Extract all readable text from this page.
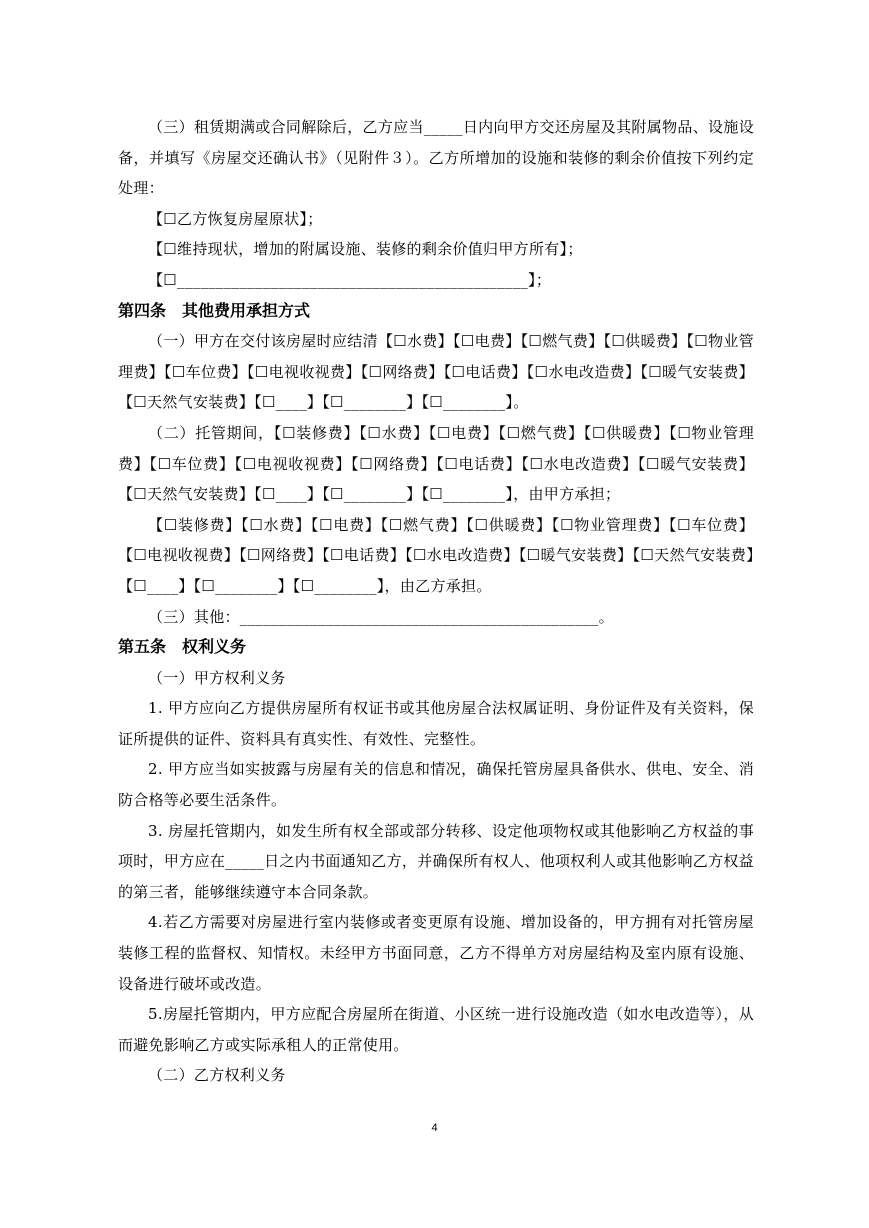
（三）租赁期满或合同解除后，乙方应当_____日内向甲方交还房屋及其附属物品、设施设备，并填写《房屋交还确认书》（见附件３）。乙方所增加的设施和装修的剩余价值按下列约定处理：

【☐乙方恢复房屋原状】；

【☐维持现状，增加的附属设施、装修的剩余价值归甲方所有】；

【☐_____________________________________________】；

第四条 其他费用承担方式

（一）甲方在交付该房屋时应结清【☐水费】【☐电费】【☐燃气费】【☐供暖费】【☐物业管理费】【☐车位费】【☐电视收视费】【☐网络费】【☐电话费】【☐水电改造费】【☐暖气安装费】【☐天然气安装费】【☐____】【☐________】【☐________】。

（二）托管期间，【☐装修费】【☐水费】【☐电费】【☐燃气费】【☐供暖费】【☐物业管理费】【☐车位费】【☐电视收视费】【☐网络费】【☐电话费】【☐水电改造费】【☐暖气安装费】【☐天然气安装费】【☐____】【☐________】【☐________】，由甲方承担；

【☐装修费】【☐水费】【☐电费】【☐燃气费】【☐供暖费】【☐物业管理费】【☐车位费】【☐电视收视费】【☐网络费】【☐电话费】【☐水电改造费】【☐暖气安装费】【☐天然气安装费】【☐____】【☐________】【☐________】，由乙方承担。

（三）其他：______________________________________________。

第五条 权利义务

（一）甲方权利义务

1. 甲方应向乙方提供房屋所有权证书或其他房屋合法权属证明、身份证件及有关资料，保证所提供的证件、资料具有真实性、有效性、完整性。

2. 甲方应当如实披露与房屋有关的信息和情况，确保托管房屋具备供水、供电、安全、消防合格等必要生活条件。

3. 房屋托管期内，如发生所有权全部或部分转移、设定他项物权或其他影响乙方权益的事项时，甲方应在_____日之内书面通知乙方，并确保所有权人、他项权利人或其他影响乙方权益的第三者，能够继续遵守本合同条款。

4.若乙方需要对房屋进行室内装修或者变更原有设施、增加设备的，甲方拥有对托管房屋装修工程的监督权、知情权。未经甲方书面同意，乙方不得单方对房屋结构及室内原有设施、设备进行破坏或改造。

5.房屋托管期内，甲方应配合房屋所在街道、小区统一进行设施改造（如水电改造等），从而避免影响乙方或实际承租人的正常使用。

（二）乙方权利义务

4
